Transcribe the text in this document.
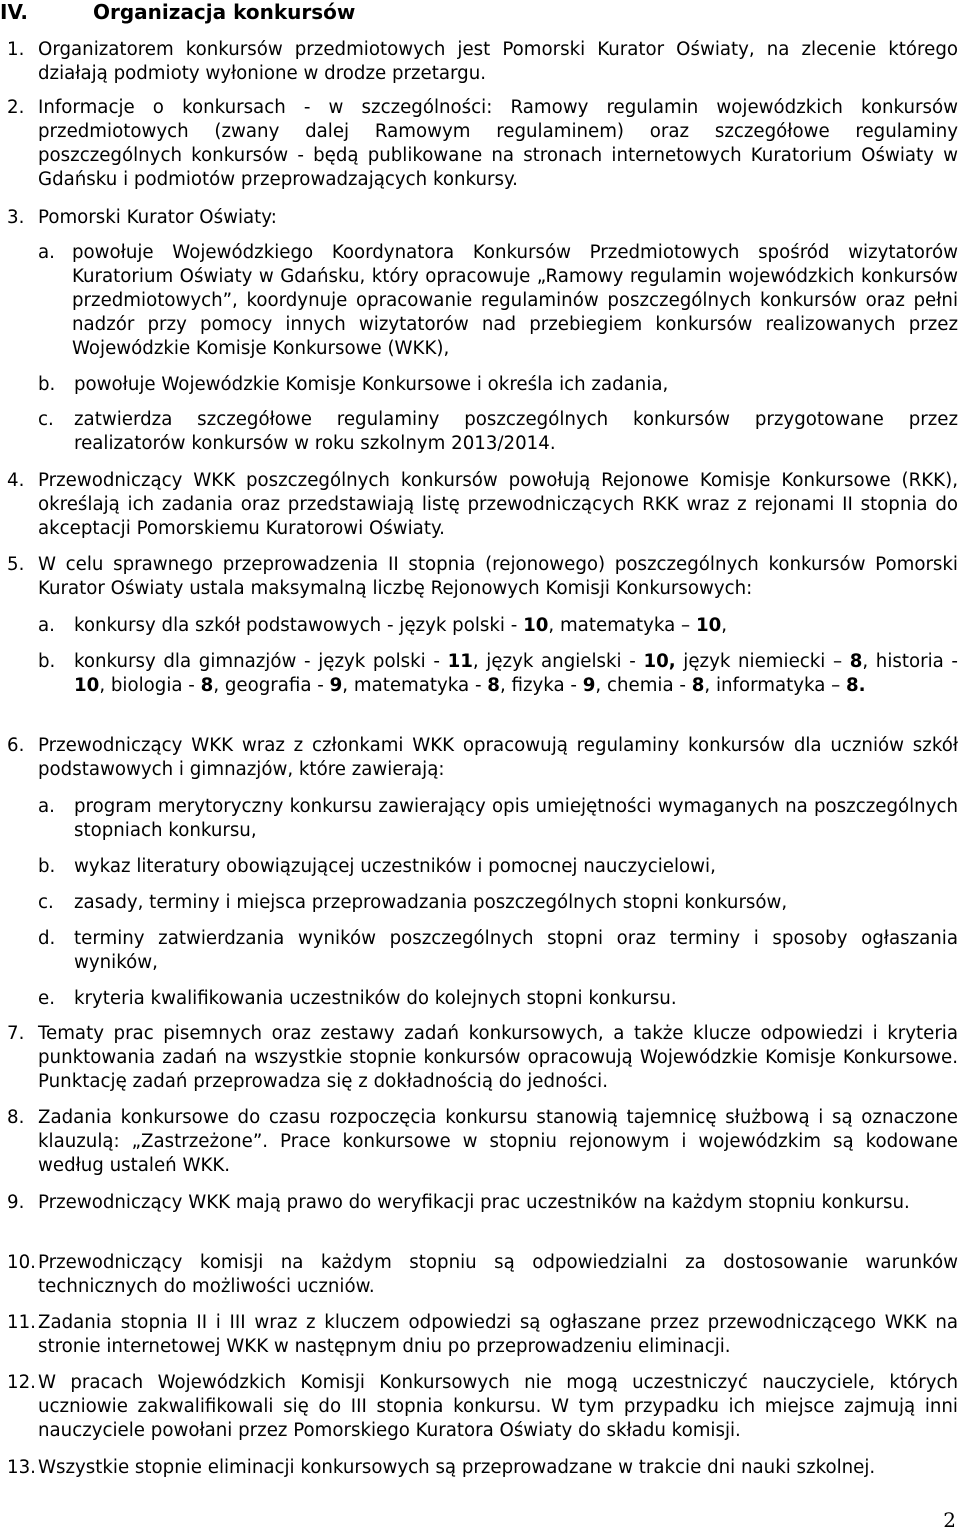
IV.	Organizacja konkursów
1. Organizatorem konkursów przedmiotowych jest Pomorski Kurator Oświaty, na zlecenie którego działają podmioty wyłonione w drodze przetargu.
2. Informacje o konkursach - w szczególności: Ramowy regulamin wojewódzkich konkursów przedmiotowych (zwany dalej Ramowym regulaminem) oraz szczegółowe regulaminy poszczególnych konkursów - będą publikowane na stronach internetowych Kuratorium Oświaty w Gdańsku i podmiotów przeprowadzających konkursy.
3. Pomorski Kurator Oświaty:
a. powołuje Wojewódzkiego Koordynatora Konkursów Przedmiotowych spośród wizytatorów Kuratorium Oświaty w Gdańsku, który opracowuje „Ramowy regulamin wojewódzkich konkursów przedmiotowych”, koordynuje opracowanie regulaminów poszczególnych konkursów oraz pełni nadzór przy pomocy innych wizytatorów nad przebiegiem konkursów realizowanych przez Wojewódzkie Komisje Konkursowe (WKK),
b. powołuje Wojewódzkie Komisje Konkursowe i określa ich zadania,
c. zatwierdza szczegółowe regulaminy poszczególnych konkursów przygotowane przez realizatorów konkursów w roku szkolnym 2013/2014.
4. Przewodniczący WKK poszczególnych konkursów powołują Rejonowe Komisje Konkursowe (RKK), określają ich zadania oraz przedstawiają listę przewodniczących RKK wraz z rejonami II stopnia do akceptacji Pomorskiemu Kuratorowi Oświaty.
5. W celu sprawnego przeprowadzenia II stopnia (rejonowego) poszczególnych konkursów Pomorski Kurator Oświaty ustala maksymalną liczbę Rejonowych Komisji Konkursowych:
a. konkursy dla szkół podstawowych - język polski - 10, matematyka – 10,
b. konkursy dla gimnazjów - język polski - 11, język angielski - 10, język niemiecki – 8, historia - 10, biologia - 8, geografia - 9, matematyka - 8, fizyka - 9, chemia - 8, informatyka – 8.
6. Przewodniczący WKK wraz z członkami WKK opracowują regulaminy konkursów dla uczniów szkół podstawowych i gimnazjów, które zawierają:
a. program merytoryczny konkursu zawierający opis umiejętności wymaganych na poszczególnych stopniach konkursu,
b. wykaz literatury obowiązującej uczestników i pomocnej nauczycielowi,
c. zasady, terminy i miejsca przeprowadzania poszczególnych stopni konkursów,
d. terminy zatwierdzania wyników poszczególnych stopni oraz terminy i sposoby ogłaszania wyników,
e. kryteria kwalifikowania uczestników do kolejnych stopni konkursu.
7. Tematy prac pisemnych oraz zestawy zadań konkursowych, a także klucze odpowiedzi i kryteria punktowania zadań na wszystkie stopnie konkursów opracowują Wojewódzkie Komisje Konkursowe. Punktację zadań przeprowadza się z dokładnością do jedności.
8. Zadania konkursowe do czasu rozpoczęcia konkursu stanowią tajemnicę służbową i są oznaczone klauzulą: „Zastrzeżone”. Prace konkursowe w stopniu rejonowym i wojewódzkim są kodowane według ustaleń WKK.
9. Przewodniczący WKK mają prawo do weryfikacji prac uczestników na każdym stopniu konkursu.
10. Przewodniczący komisji na każdym stopniu są odpowiedzialni za dostosowanie warunków technicznych do możliwości uczniów.
11. Zadania stopnia II i III wraz z kluczem odpowiedzi są ogłaszane przez przewodniczącego WKK na stronie internetowej WKK w następnym dniu po przeprowadzeniu eliminacji.
12. W pracach Wojewódzkich Komisji Konkursowych nie mogą uczestniczyć nauczyciele, których uczniowie zakwalifikowali się do III stopnia konkursu. W tym przypadku ich miejsce zajmują inni nauczyciele powołani przez Pomorskiego Kuratora Oświaty do składu komisji.
13. Wszystkie stopnie eliminacji konkursowych są przeprowadzane w trakcie dni nauki szkolnej.
2
